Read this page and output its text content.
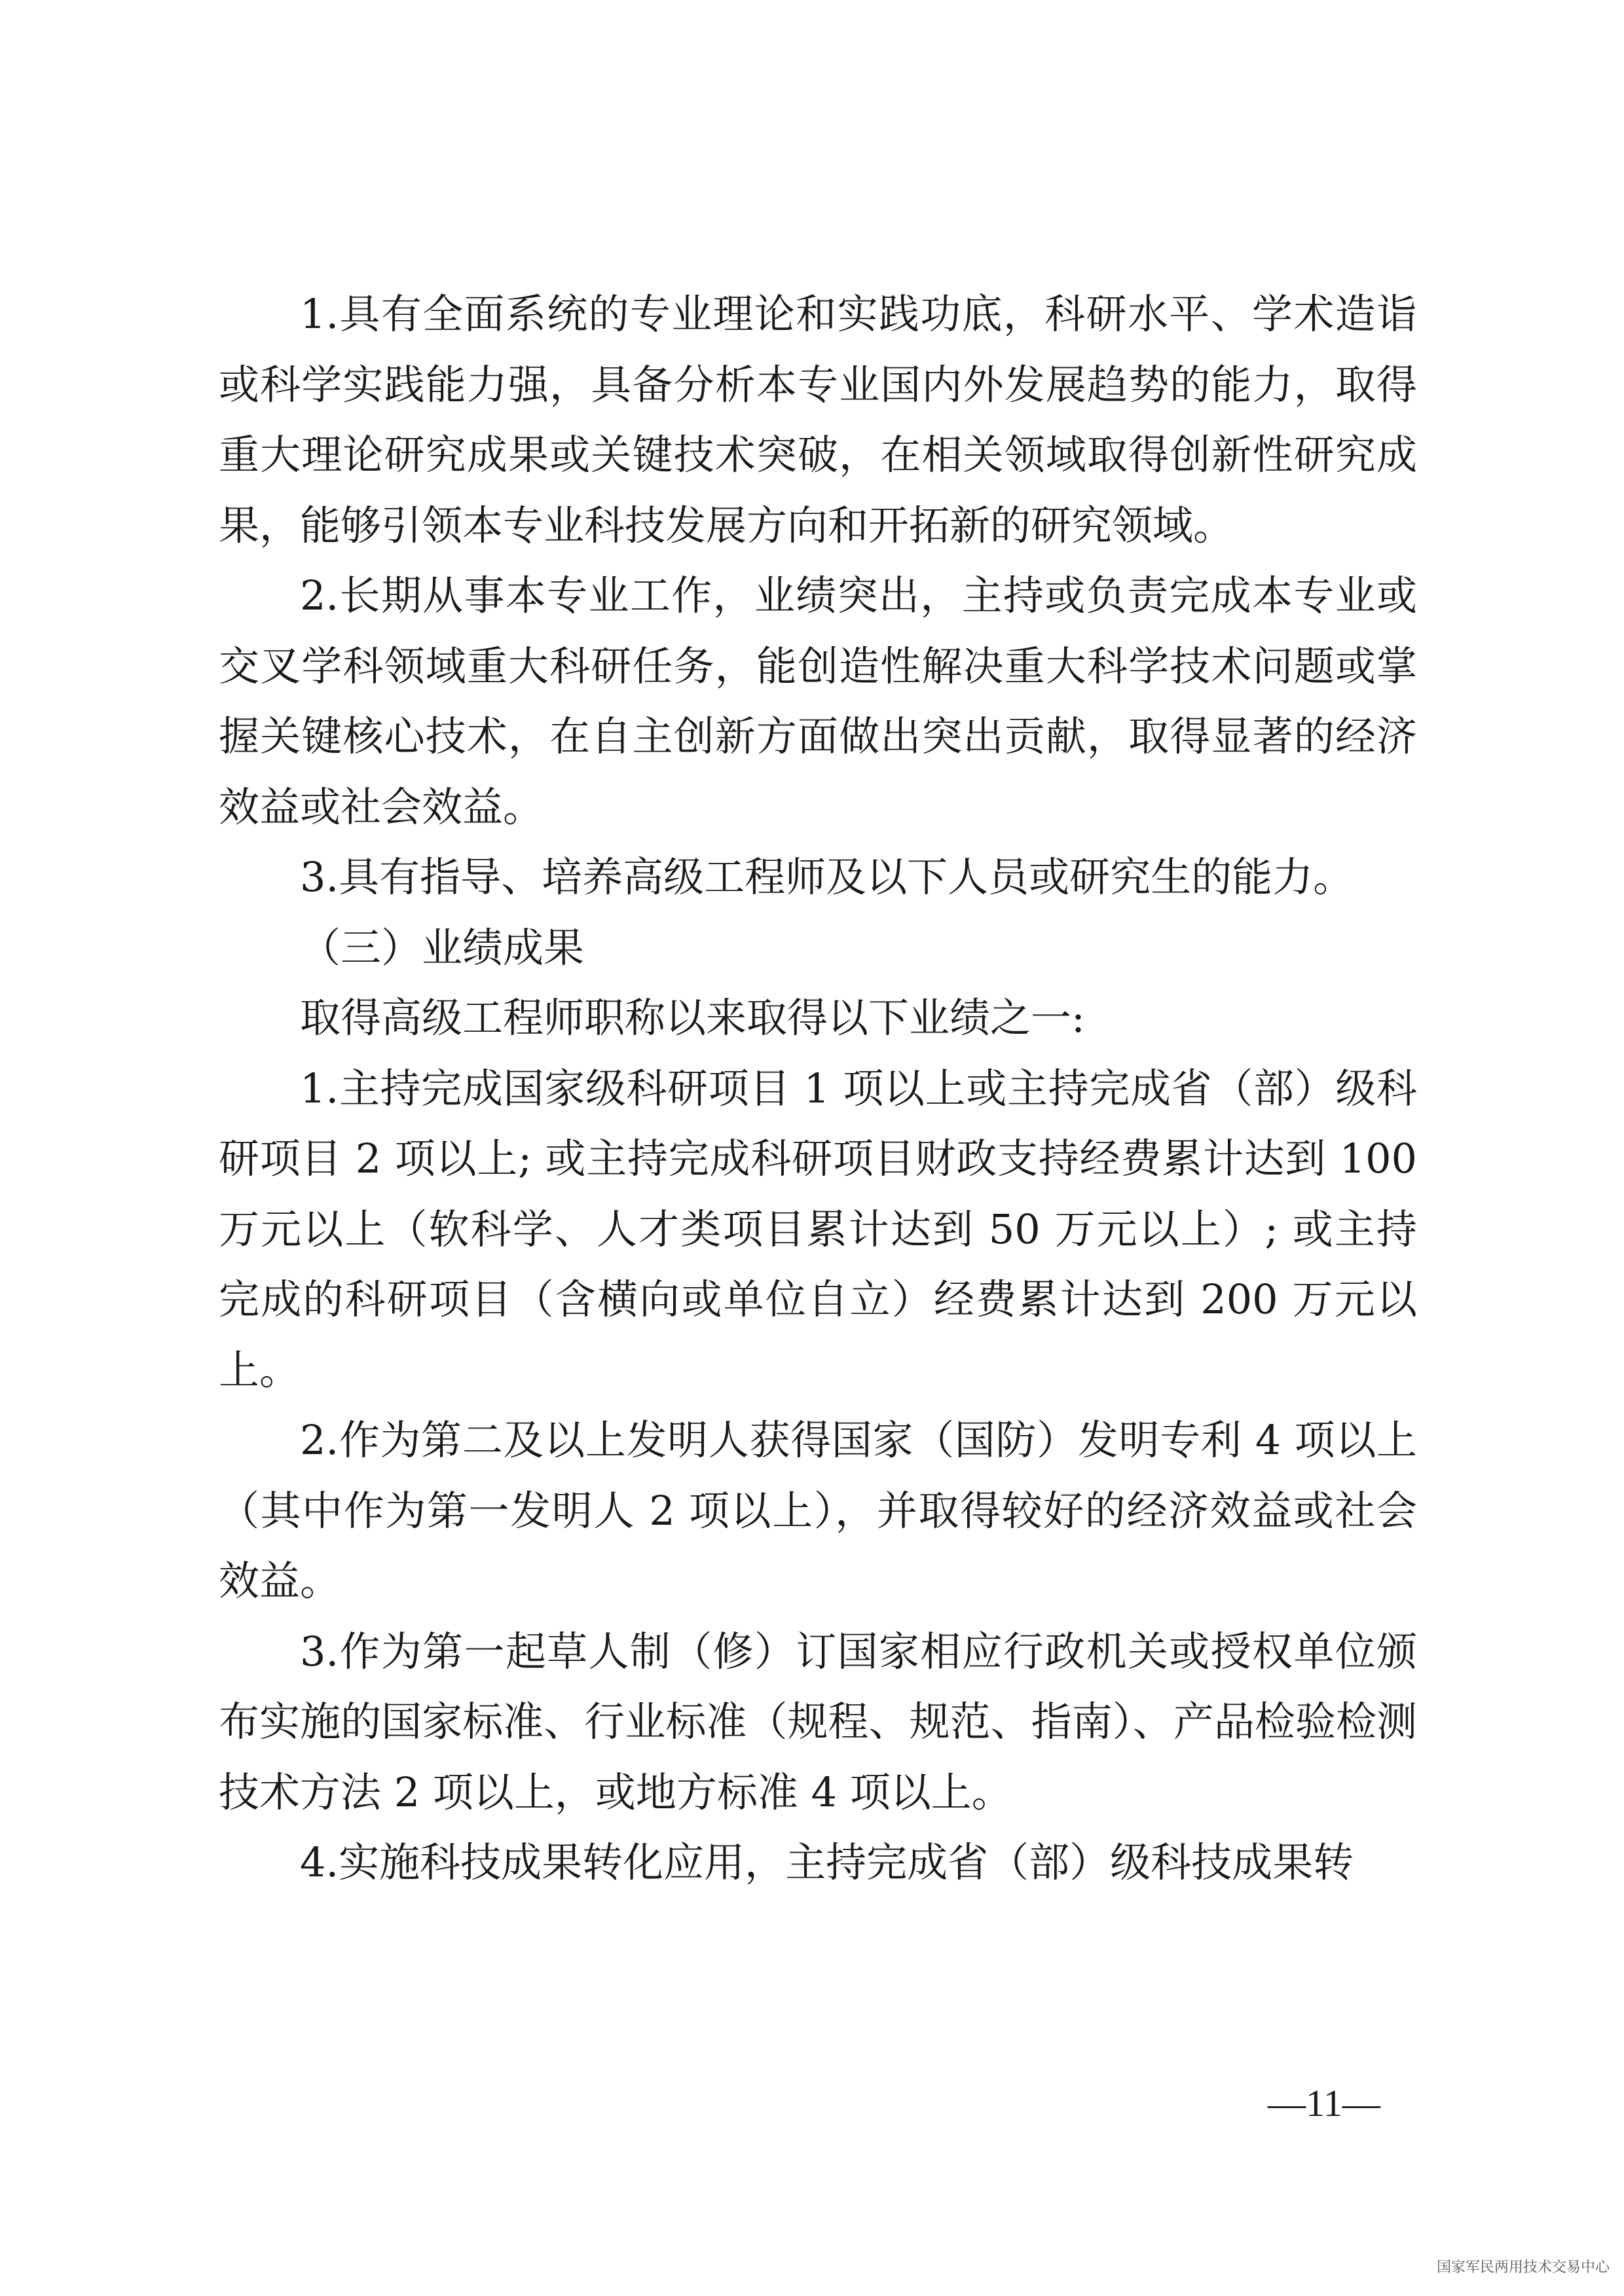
1.具有全面系统的专业理论和实践功底，科研水平、学术造诣或科学实践能力强，具备分析本专业国内外发展趋势的能力，取得重大理论研究成果或关键技术突破，在相关领域取得创新性研究成果，能够引领本专业科技发展方向和开拓新的研究领域。

2.长期从事本专业工作，业绩突出，主持或负责完成本专业或交叉学科领域重大科研任务，能创造性解决重大科学技术问题或掌握关键核心技术，在自主创新方面做出突出贡献，取得显著的经济效益或社会效益。

3.具有指导、培养高级工程师及以下人员或研究生的能力。

（三）业绩成果

取得高级工程师职称以来取得以下业绩之一:

1.主持完成国家级科研项目 1 项以上或主持完成省（部）级科研项目 2 项以上; 或主持完成科研项目财政支持经费累计达到 100 万元以上（软科学、人才类项目累计达到 50 万元以上）; 或主持完成的科研项目（含横向或单位自立）经费累计达到 200 万元以上。

2.作为第二及以上发明人获得国家（国防）发明专利 4 项以上（其中作为第一发明人 2 项以上），并取得较好的经济效益或社会效益。

3.作为第一起草人制（修）订国家相应行政机关或授权单位颁布实施的国家标准、行业标准（规程、规范、指南）、产品检验检测技术方法 2 项以上，或地方标准 4 项以上。

4.实施科技成果转化应用，主持完成省（部）级科技成果转

—11—
国家军民两用技术交易中心
